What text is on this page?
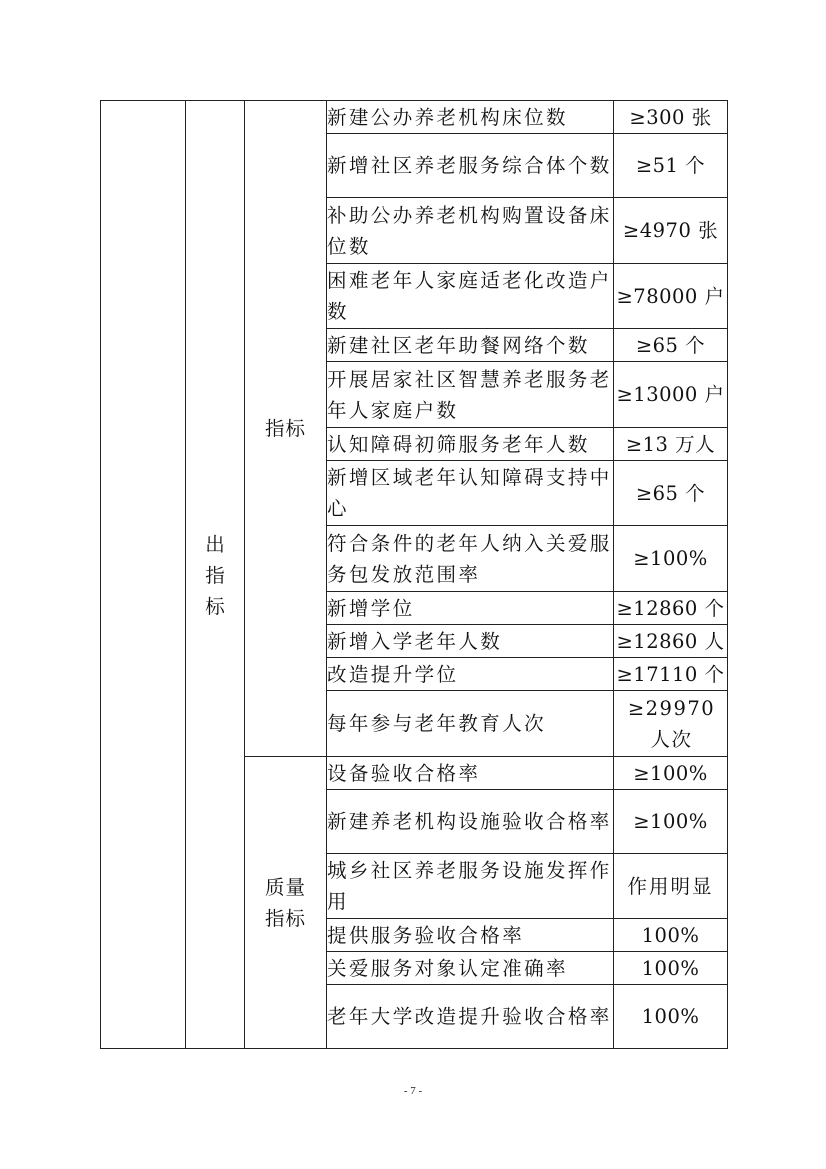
	出指标	指标	新建公办养老机构床位数	≥300 张
			新增社区养老服务综合体个数	≥51 个
			补助公办养老机构购置设备床位数	≥4970 张
			困难老年人家庭适老化改造户数	≥78000 户
			新建社区老年助餐网络个数	≥65 个
			开展居家社区智慧养老服务老年人家庭户数	≥13000 户
			认知障碍初筛服务老年人数	≥13 万人
			新增区域老年认知障碍支持中心	≥65 个
			符合条件的老年人纳入关爱服务包发放范围率	≥100%
			新增学位	≥12860 个
			新增入学老年人数	≥12860 人
			改造提升学位	≥17110 个
			每年参与老年教育人次	≥29970 人次

		质量指标	设备验收合格率	≥100%
			新建养老机构设施验收合格率	≥100%
			城乡社区养老服务设施发挥作用	作用明显
			提供服务验收合格率	100%
			关爱服务对象认定准确率	100%
			老年大学改造提升验收合格率	100%
- 7 -
